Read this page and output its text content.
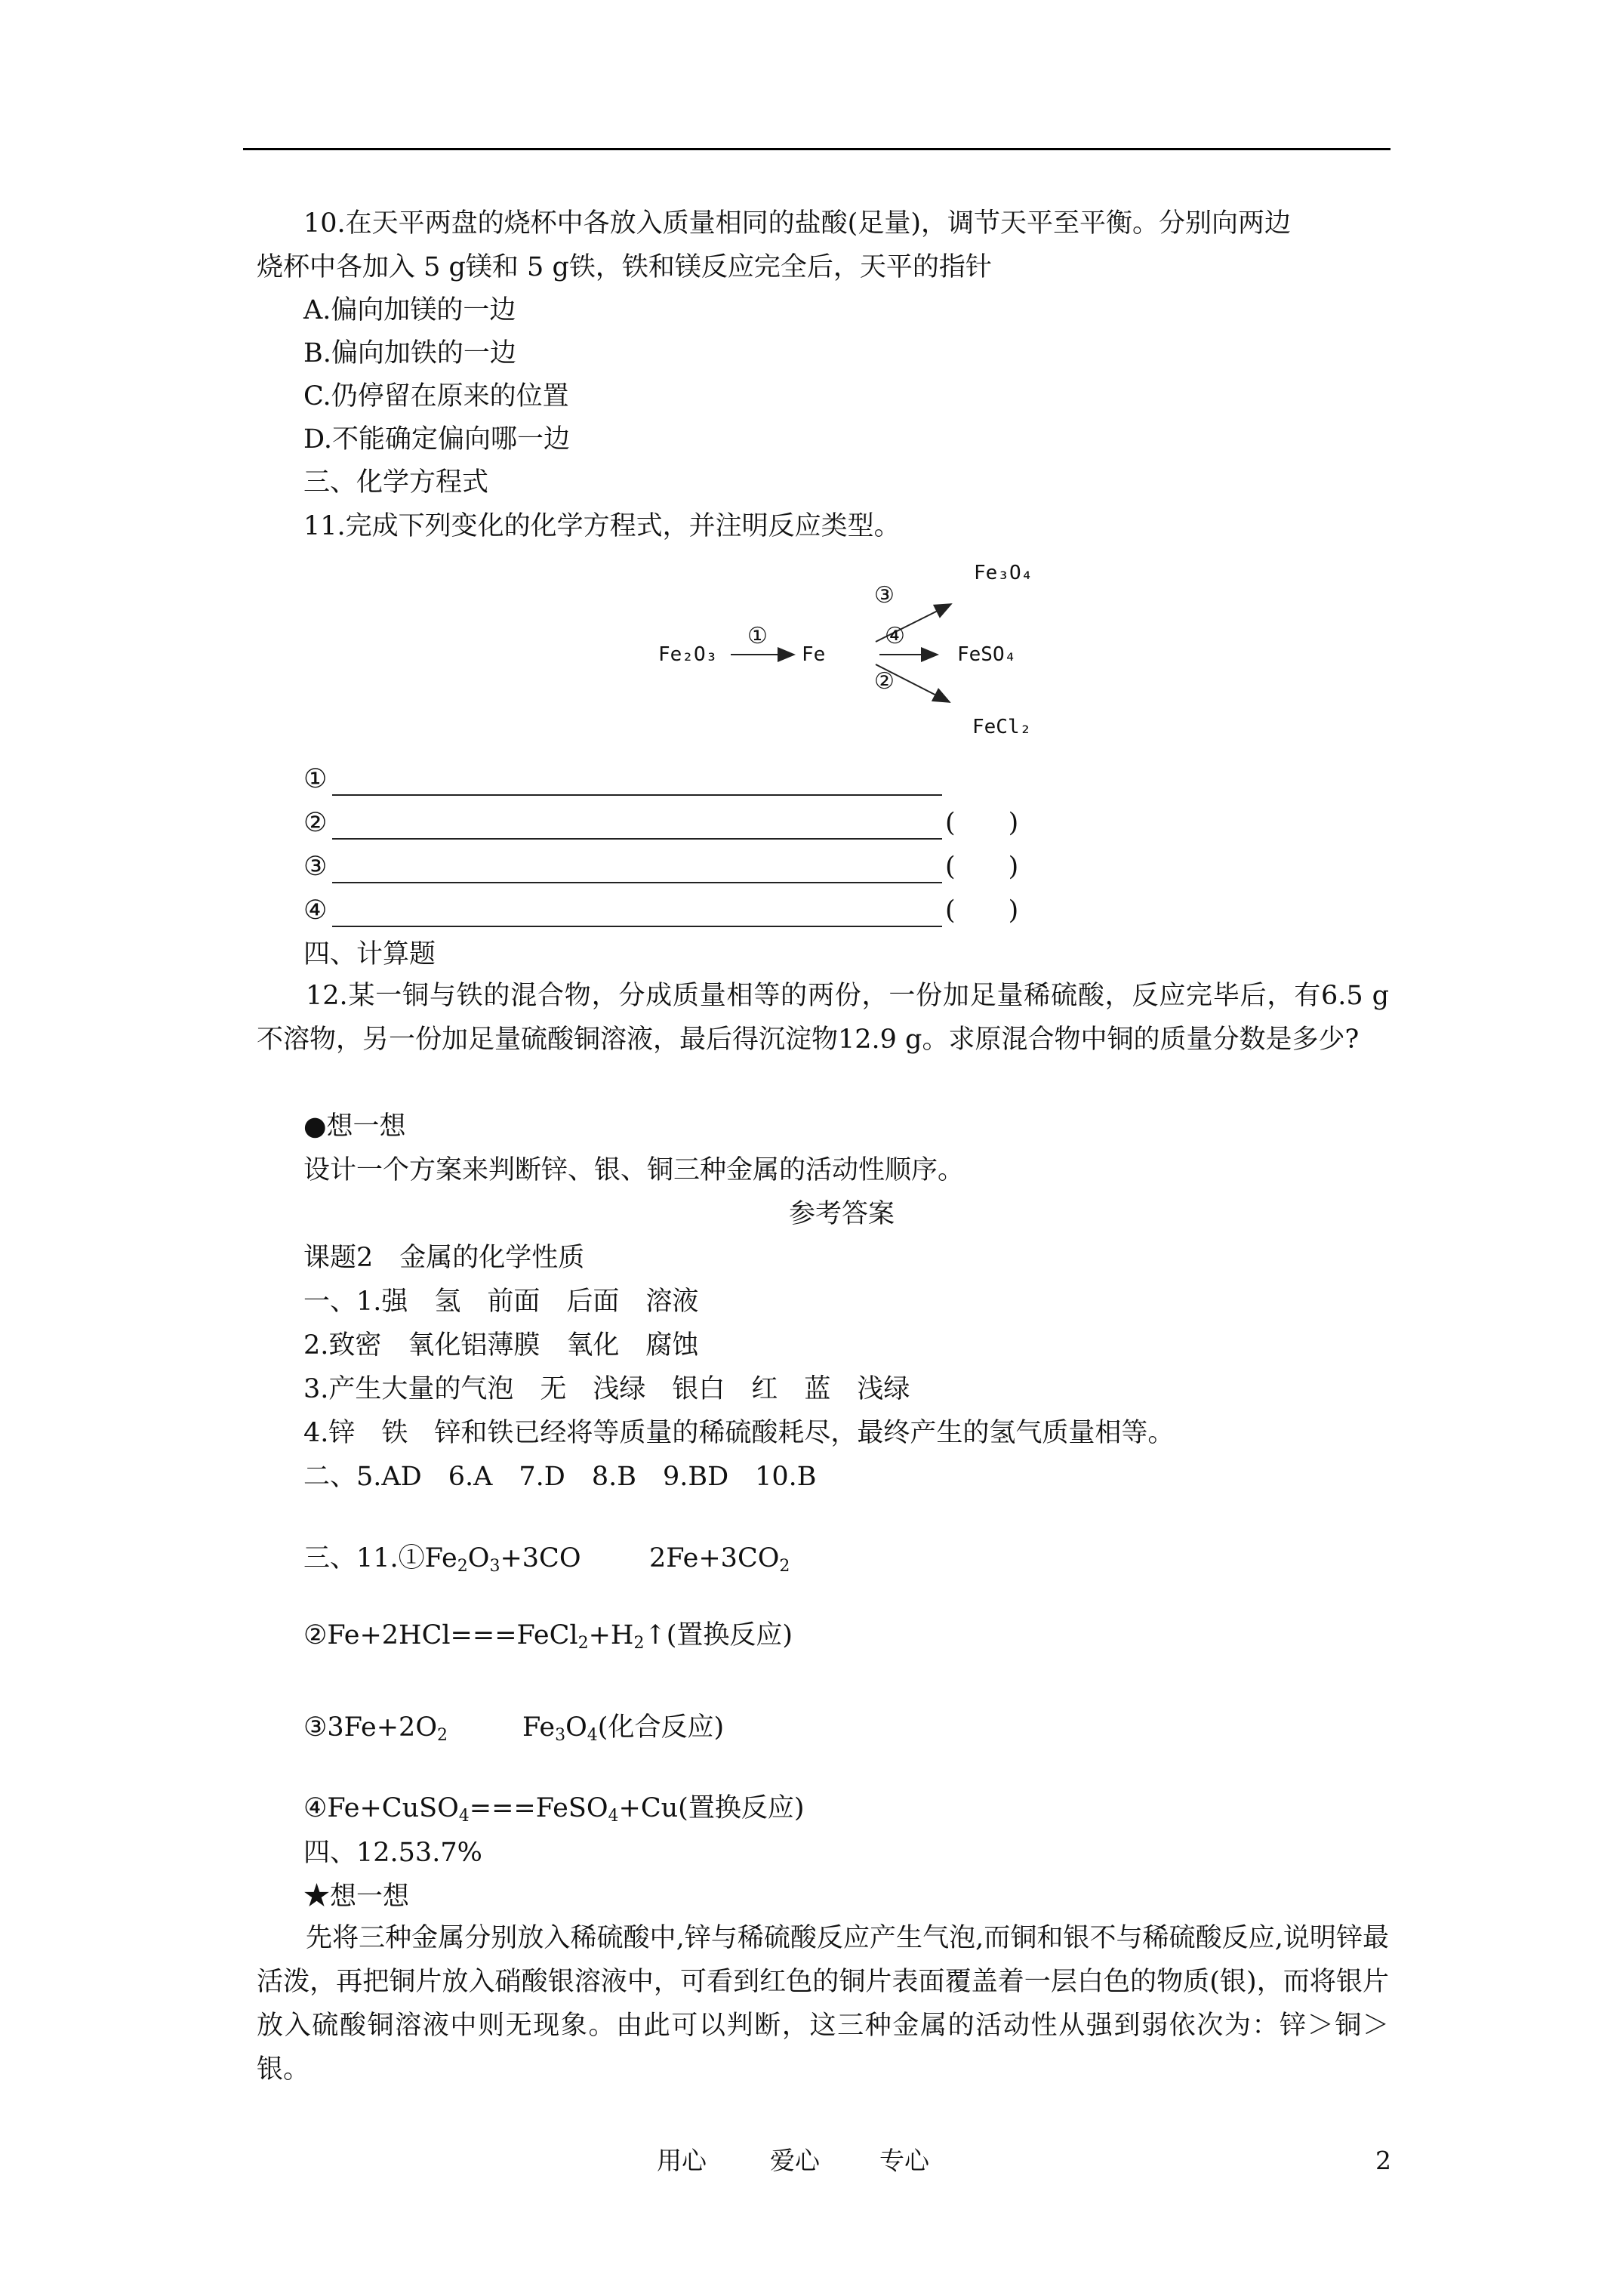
10.在天平两盘的烧杯中各放入质量相同的盐酸(足量)，调节天平至平衡。分别向两边
烧杯中各加入 5 g镁和 5 g铁，铁和镁反应完全后，天平的指针
A.偏向加镁的一边
B.偏向加铁的一边
C.仍停留在原来的位置
D.不能确定偏向哪一边
三、化学方程式
11.完成下列变化的化学方程式，并注明反应类型。
Fe₂O₃
①
Fe
③
④
②
Fe₃O₄
FeSO₄
FeCl₂
①
②	(　　)
③	(　　)
④	(　　)
四、计算题
12.某一铜与铁的混合物，分成质量相等的两份，一份加足量稀硫酸，反应完毕后，有6.5 g不溶物，另一份加足量硫酸铜溶液，最后得沉淀物12.9 g。求原混合物中铜的质量分数是多少?
●想一想
设计一个方案来判断锌、银、铜三种金属的活动性顺序。
参考答案
课题2　金属的化学性质
一、1.强　氢　前面　后面　溶液
2.致密　氧化铝薄膜　氧化　腐蚀
3.产生大量的气泡　无　浅绿　银白　红　蓝　浅绿
4.锌　铁　锌和铁已经将等质量的稀硫酸耗尽，最终产生的氢气质量相等。
二、5.AD　6.A　7.D　8.B　9.BD　10.B
三、$11.①Fe_2O_3+3CO$	$2Fe+3CO_2$
$②Fe+2HCl===FeCl_2+H_2↑$(置换反应)
$③3Fe+2O_2$	$Fe_3O_4$(化合反应)
④Fe+CuSO$_4$===FeSO$_4$+Cu(置换反应)
四、12.53.7%
★想一想
先将三种金属分别放入稀硫酸中,锌与稀硫酸反应产生气泡,而铜和银不与稀硫酸反应,说明锌最活泼，再把铜片放入硝酸银溶液中，可看到红色的铜片表面覆盖着一层白色的物质(银)，而将银片放入硫酸铜溶液中则无现象。由此可以判断，这三种金属的活动性从强到弱依次为：锌＞铜＞银。
用心	爱心 专心	2
